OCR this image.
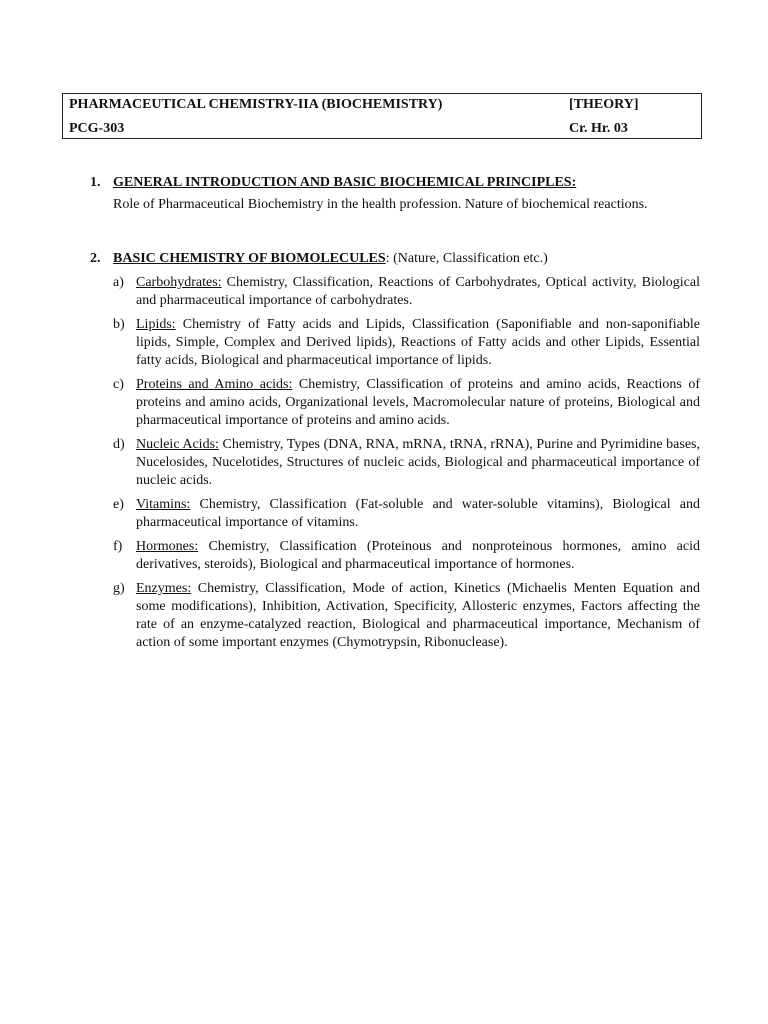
PHARMACEUTICAL CHEMISTRY-IIA (BIOCHEMISTRY)	[THEORY]
PCG-303	Cr. Hr. 03
1. GENERAL INTRODUCTION AND BASIC BIOCHEMICAL PRINCIPLES:
Role of Pharmaceutical Biochemistry in the health profession. Nature of biochemical reactions.
2. BASIC CHEMISTRY OF BIOMOLECULES: (Nature, Classification etc.)
a) Carbohydrates: Chemistry, Classification, Reactions of Carbohydrates, Optical activity, Biological and pharmaceutical importance of carbohydrates.
b) Lipids: Chemistry of Fatty acids and Lipids, Classification (Saponifiable and non-saponifiable lipids, Simple, Complex and Derived lipids), Reactions of Fatty acids and other Lipids, Essential fatty acids, Biological and pharmaceutical importance of lipids.
c) Proteins and Amino acids: Chemistry, Classification of proteins and amino acids, Reactions of proteins and amino acids, Organizational levels, Macromolecular nature of proteins, Biological and pharmaceutical importance of proteins and amino acids.
d) Nucleic Acids: Chemistry, Types (DNA, RNA, mRNA, tRNA, rRNA), Purine and Pyrimidine bases, Nucelosides, Nucelotides, Structures of nucleic acids, Biological and pharmaceutical importance of nucleic acids.
e) Vitamins: Chemistry, Classification (Fat-soluble and water-soluble vitamins), Biological and pharmaceutical importance of vitamins.
f) Hormones: Chemistry, Classification (Proteinous and nonproteinous hormones, amino acid derivatives, steroids), Biological and pharmaceutical importance of hormones.
g) Enzymes: Chemistry, Classification, Mode of action, Kinetics (Michaelis Menten Equation and some modifications), Inhibition, Activation, Specificity, Allosteric enzymes, Factors affecting the rate of an enzyme-catalyzed reaction, Biological and pharmaceutical importance, Mechanism of action of some important enzymes (Chymotrypsin, Ribonuclease).
